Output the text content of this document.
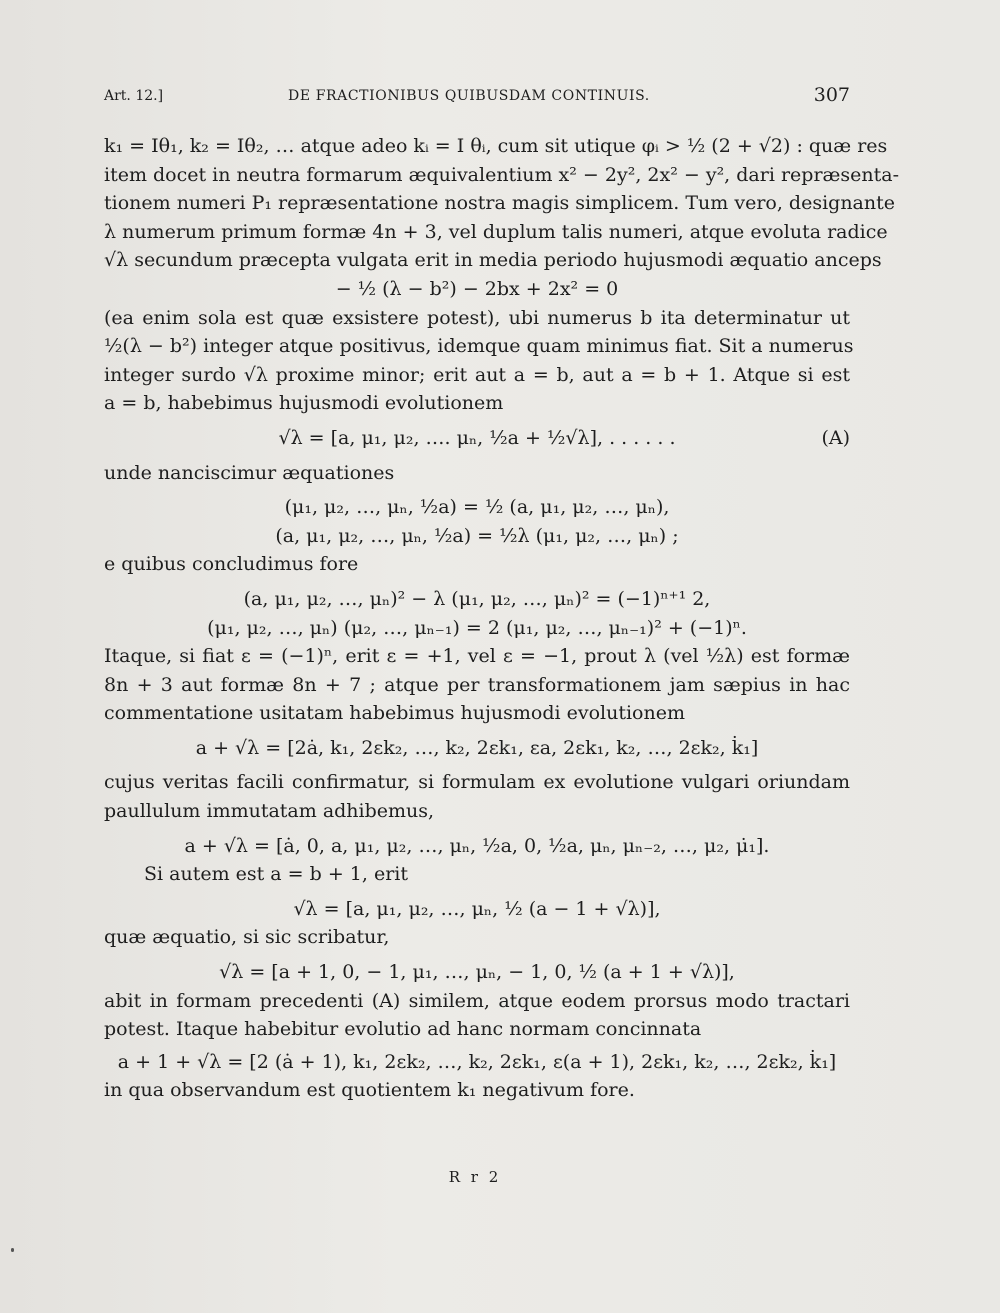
Art. 12.]	DE FRACTIONIBUS QUIBUSDAM CONTINUIS.	307
k₁ = Iθ₁, k₂ = Iθ₂, … atque adeo kᵢ = I θᵢ, cum sit utique φᵢ > ½ (2 + √2) : quæ res
item docet in neutra formarum æquivalentium x² − 2y², 2x² − y², dari repræsenta-
tionem numeri P₁ repræsentatione nostra magis simplicem. Tum vero, designante
λ numerum primum formæ 4n + 3, vel duplum talis numeri, atque evoluta radice
√λ secundum præcepta vulgata erit in media periodo hujusmodi æquatio anceps
− ½ (λ − b²) − 2bx + 2x² = 0
(ea enim sola est quæ exsistere potest), ubi numerus b ita determinatur ut
½(λ − b²) integer atque positivus, idemque quam minimus fiat. Sit a numerus
integer surdo √λ proxime minor; erit aut a = b, aut a = b + 1. Atque si est
a = b, habebimus hujusmodi evolutionem
√λ = [a, μ₁, μ₂, …. μₙ, ½a + ½√λ], . . . . . .	(A)
unde nanciscimur æquationes
(μ₁, μ₂, …, μₙ, ½a) = ½ (a, μ₁, μ₂, …, μₙ),
(a, μ₁, μ₂, …, μₙ, ½a) = ½λ (μ₁, μ₂, …, μₙ) ;
e quibus concludimus fore
(a, μ₁, μ₂, …, μₙ)² − λ (μ₁, μ₂, …, μₙ)² = (−1)ⁿ⁺¹ 2,
(μ₁, μ₂, …, μₙ) (μ₂, …, μₙ₋₁) = 2 (μ₁, μ₂, …, μₙ₋₁)² + (−1)ⁿ.
Itaque, si fiat ε = (−1)ⁿ, erit ε = +1, vel ε = −1, prout λ (vel ½λ) est formæ
8n + 3 aut formæ 8n + 7 ; atque per transformationem jam sæpius in hac
commentatione usitatam habebimus hujusmodi evolutionem
a + √λ = [2ȧ, k₁, 2εk₂, …, k₂, 2εk₁, εa, 2εk₁, k₂, …, 2εk₂, k̇₁]
cujus veritas facili confirmatur, si formulam ex evolutione vulgari oriundam
paullulum immutatam adhibemus,
a + √λ = [ȧ, 0, a, μ₁, μ₂, …, μₙ, ½a, 0, ½a, μₙ, μₙ₋₂, …, μ₂, μ̇₁].
Si autem est a = b + 1, erit
√λ = [a, μ₁, μ₂, …, μₙ, ½ (a − 1 + √λ)],
quæ æquatio, si sic scribatur,
√λ = [a + 1, 0, − 1, μ₁, …, μₙ, − 1, 0, ½ (a + 1 + √λ)],
abit in formam precedenti (A) similem, atque eodem prorsus modo tractari
potest. Itaque habebitur evolutio ad hanc normam concinnata
a + 1 + √λ = [2 (ȧ + 1), k₁, 2εk₂, …, k₂, 2εk₁, ε(a + 1), 2εk₁, k₂, …, 2εk₂, k̇₁]
in qua observandum est quotientem k₁ negativum fore.
R r 2
